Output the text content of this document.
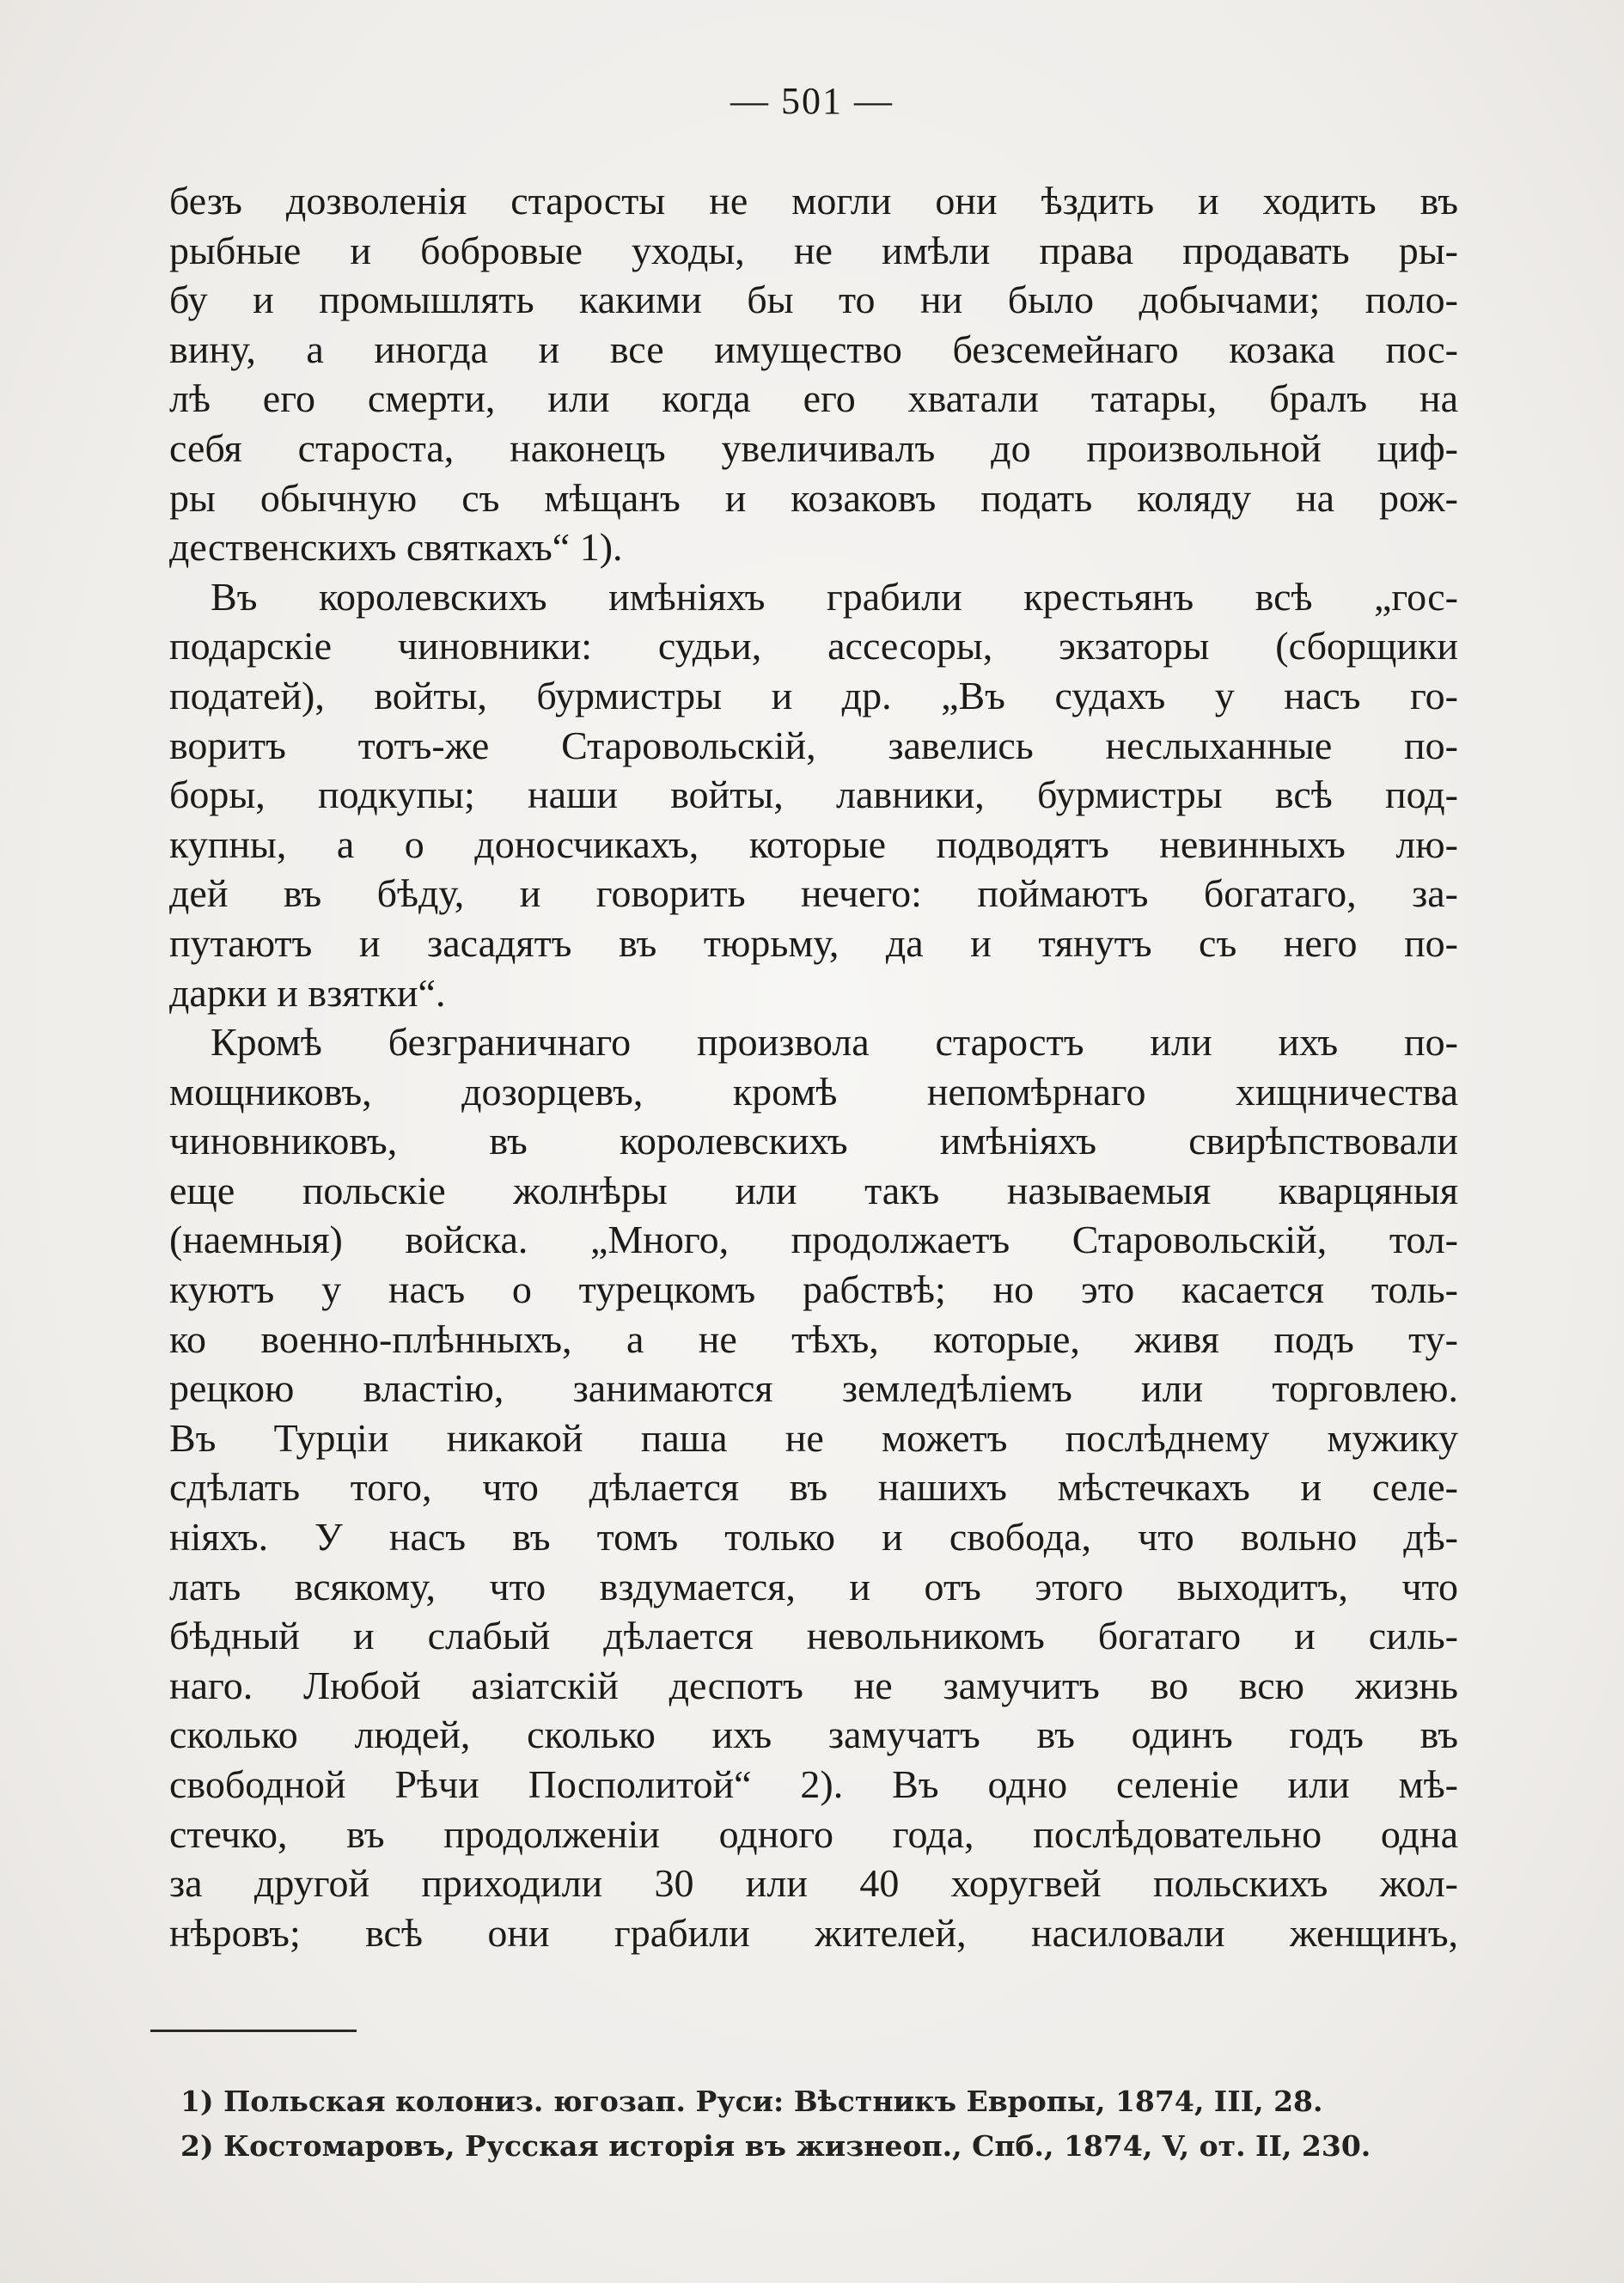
— 501 —
безъ дозволенія старосты не могли они ѣздить и ходить въ
рыбные и бобровые уходы, не имѣли права продавать ры-
бу и промышлять какими бы то ни было добычами; поло-
вину, а иногда и все имущество безсемейнаго козака пос-
лѣ его смерти, или когда его хватали татары, бралъ на
себя староста, наконецъ увеличивалъ до произвольной циф-
ры обычную съ мѣщанъ и козаковъ подать коляду на рож-
дественскихъ святкахъ“ 1).
Въ королевскихъ имѣніяхъ грабили крестьянъ всѣ „гос-
подарскіе чиновники: судьи, ассесоры, экзаторы (сборщики
податей), войты, бурмистры и др. „Въ судахъ у насъ го-
воритъ тотъ-же Старовольскій, завелись неслыханные по-
боры, подкупы; наши войты, лавники, бурмистры всѣ под-
купны, а о доносчикахъ, которые подводятъ невинныхъ лю-
дей въ бѣду, и говорить нечего: поймаютъ богатаго, за-
путаютъ и засадятъ въ тюрьму, да и тянутъ съ него по-
дарки и взятки“.
Кромѣ безграничнаго произвола старостъ или ихъ по-
мощниковъ, дозорцевъ, кромѣ непомѣрнаго хищничества
чиновниковъ, въ королевскихъ имѣніяхъ свирѣпствовали
еще польскіе жолнѣры или такъ называемыя кварцяныя
(наемныя) войска. „Много, продолжаетъ Старовольскій, тол-
куютъ у насъ о турецкомъ рабствѣ; но это касается толь-
ко военно-плѣнныхъ, а не тѣхъ, которые, живя подъ ту-
рецкою властію, занимаются земледѣліемъ или торговлею.
Въ Турціи никакой паша не можетъ послѣднему мужику
сдѣлать того, что дѣлается въ нашихъ мѣстечкахъ и селе-
ніяхъ. У насъ въ томъ только и свобода, что вольно дѣ-
лать всякому, что вздумается, и отъ этого выходитъ, что
бѣдный и слабый дѣлается невольникомъ богатаго и силь-
наго. Любой азіатскій деспотъ не замучитъ во всю жизнь
сколько людей, сколько ихъ замучатъ въ одинъ годъ въ
свободной Рѣчи Посполитой“ 2). Въ одно селеніе или мѣ-
стечко, въ продолженіи одного года, послѣдовательно одна
за другой приходили 30 или 40 хоругвей польскихъ жол-
нѣровъ; всѣ они грабили жителей, насиловали женщинъ,
1) Польская колониз. югозап. Руси: Вѣстникъ Европы, 1874, III, 28.
2) Костомаровъ, Русская исторія въ жизнеоп., Спб., 1874, V, от. II, 230.
